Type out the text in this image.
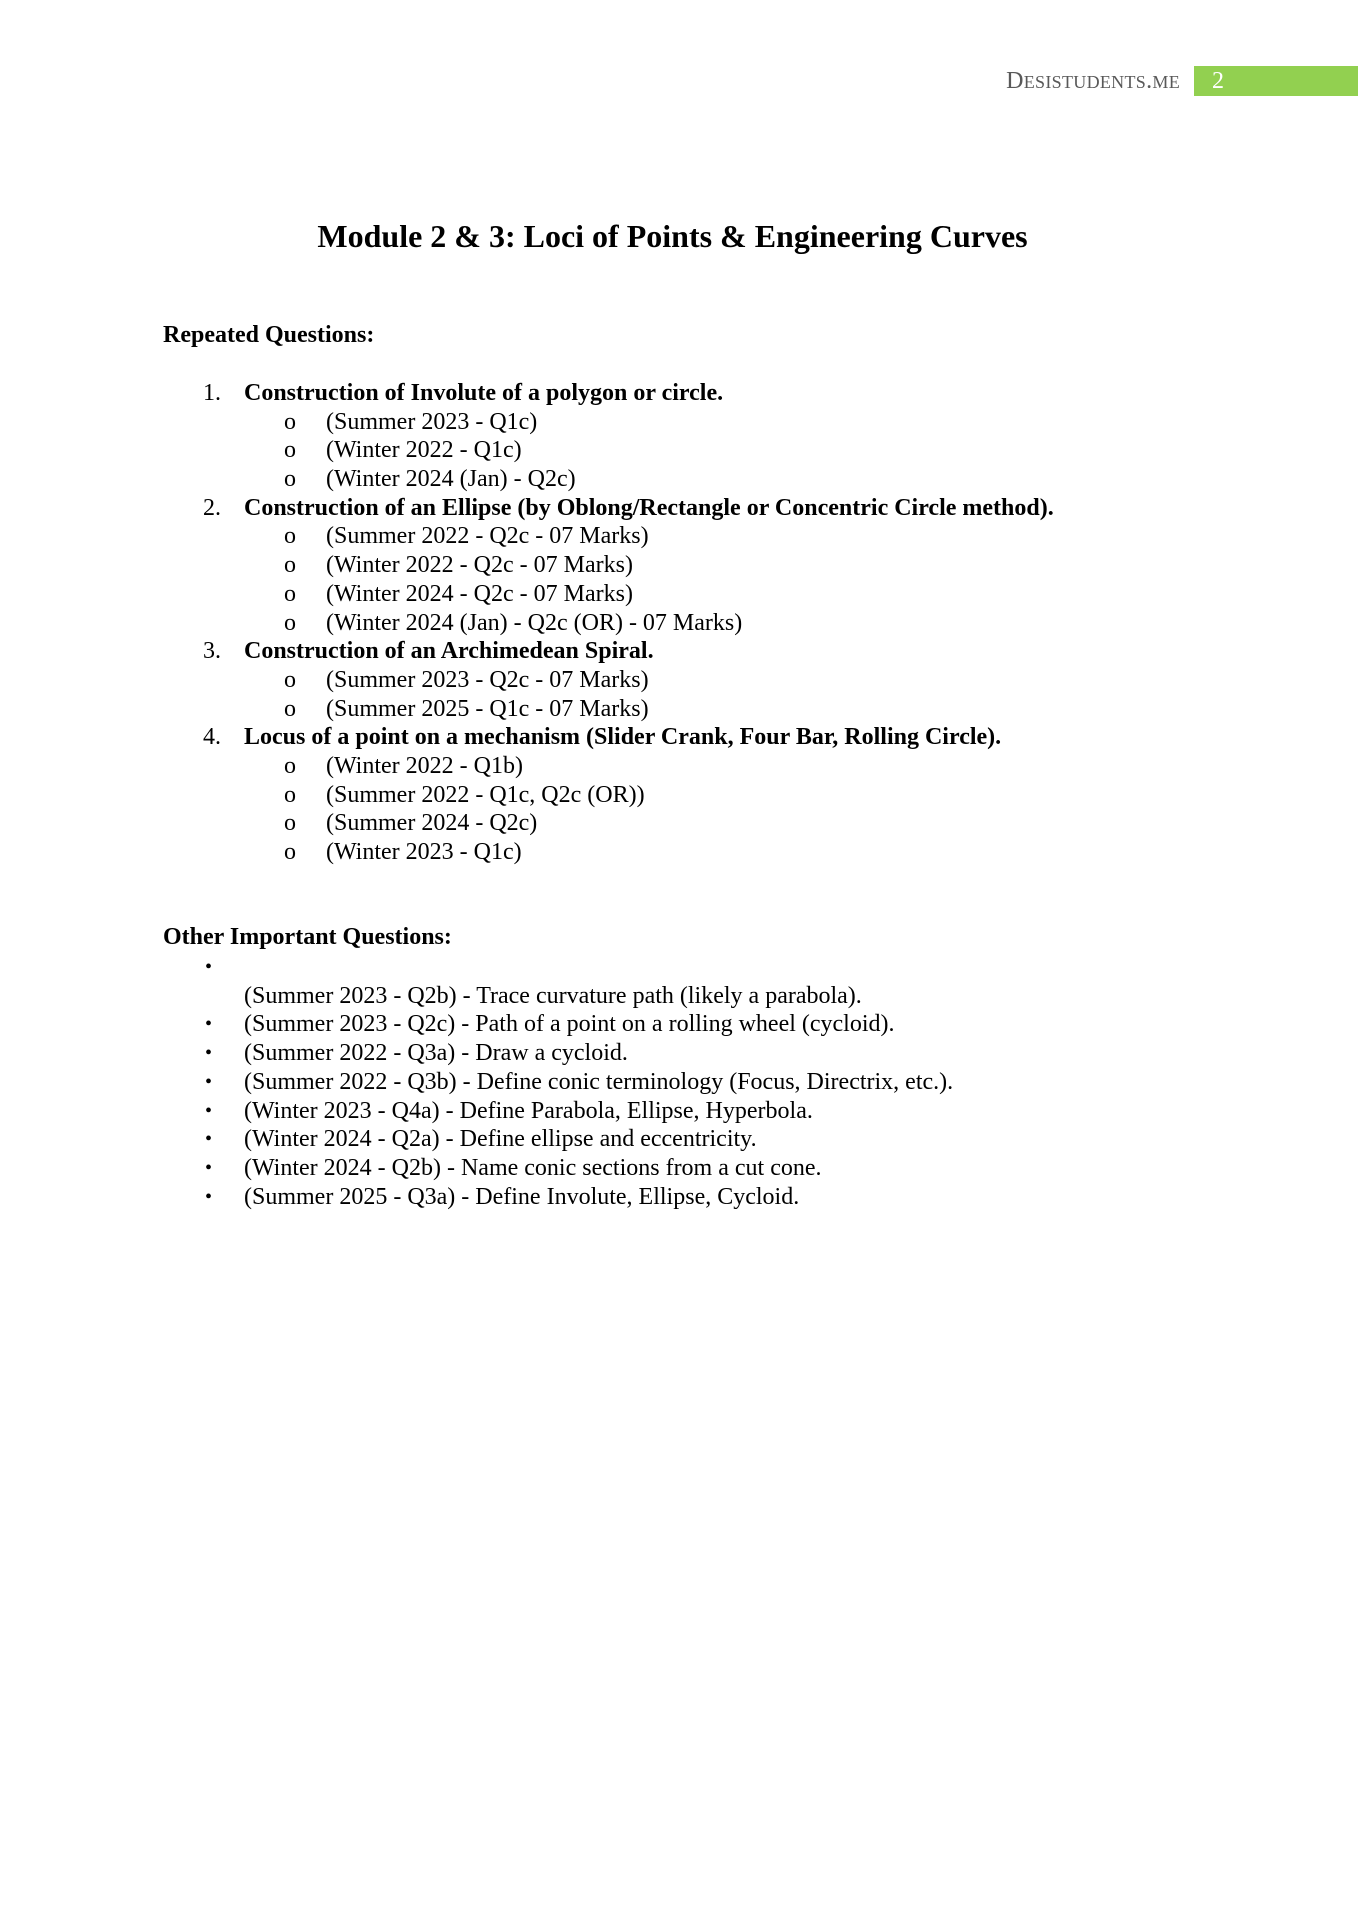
DESISTUDENTS.ME	2
Module 2 & 3: Loci of Points & Engineering Curves
Repeated Questions:
1. Construction of Involute of a polygon or circle.
o (Summer 2023 - Q1c)
o (Winter 2022 - Q1c)
o (Winter 2024 (Jan) - Q2c)
2. Construction of an Ellipse (by Oblong/Rectangle or Concentric Circle method).
o (Summer 2022 - Q2c - 07 Marks)
o (Winter 2022 - Q2c - 07 Marks)
o (Winter 2024 - Q2c - 07 Marks)
o (Winter 2024 (Jan) - Q2c (OR) - 07 Marks)
3. Construction of an Archimedean Spiral.
o (Summer 2023 - Q2c - 07 Marks)
o (Summer 2025 - Q1c - 07 Marks)
4. Locus of a point on a mechanism (Slider Crank, Four Bar, Rolling Circle).
o (Winter 2022 - Q1b)
o (Summer 2022 - Q1c, Q2c (OR))
o (Summer 2024 - Q2c)
o (Winter 2023 - Q1c)
Other Important Questions:
•
(Summer 2023 - Q2b) - Trace curvature path (likely a parabola).
• (Summer 2023 - Q2c) - Path of a point on a rolling wheel (cycloid).
• (Summer 2022 - Q3a) - Draw a cycloid.
• (Summer 2022 - Q3b) - Define conic terminology (Focus, Directrix, etc.).
• (Winter 2023 - Q4a) - Define Parabola, Ellipse, Hyperbola.
• (Winter 2024 - Q2a) - Define ellipse and eccentricity.
• (Winter 2024 - Q2b) - Name conic sections from a cut cone.
• (Summer 2025 - Q3a) - Define Involute, Ellipse, Cycloid.
